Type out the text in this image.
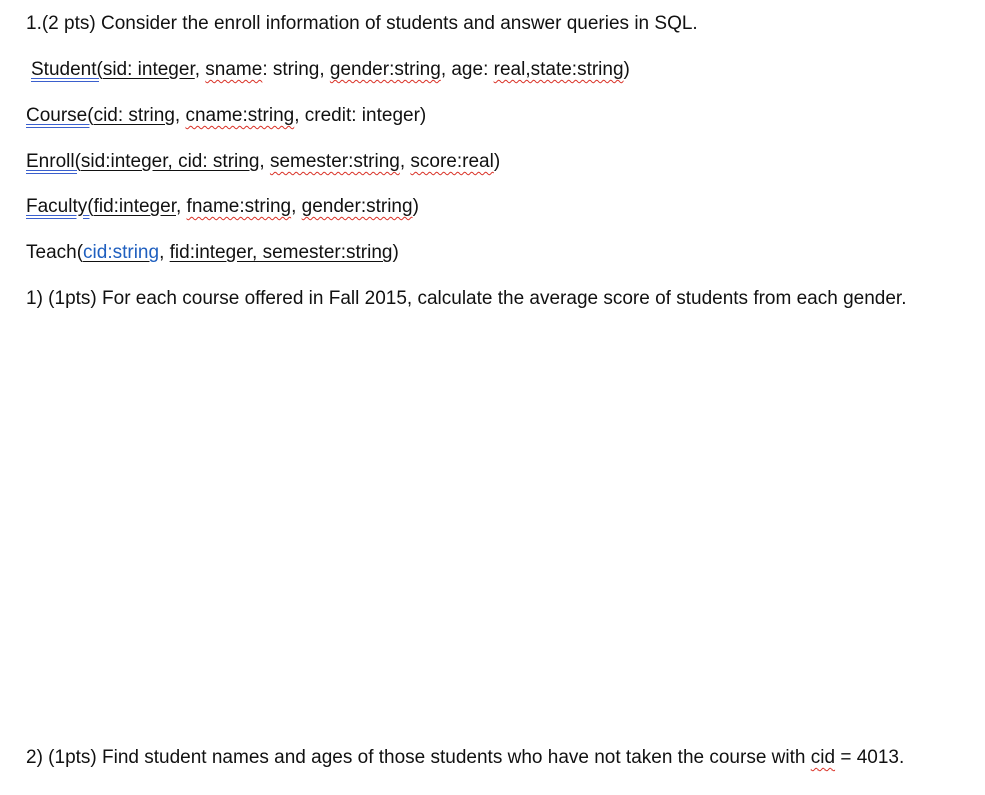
1.(2 pts) Consider the enroll information of students and answer queries in SQL.
Student(sid: integer, sname: string, gender:string, age: real,state:string)
Course(cid: string, cname:string, credit: integer)
Enroll(sid:integer, cid: string, semester:string, score:real)
Faculty(fid:integer, fname:string, gender:string)
Teach(cid:string, fid:integer, semester:string)
1) (1pts) For each course offered in Fall 2015, calculate the average score of students from each gender.
2) (1pts) Find student names and ages of those students who have not taken the course with cid = 4013.
